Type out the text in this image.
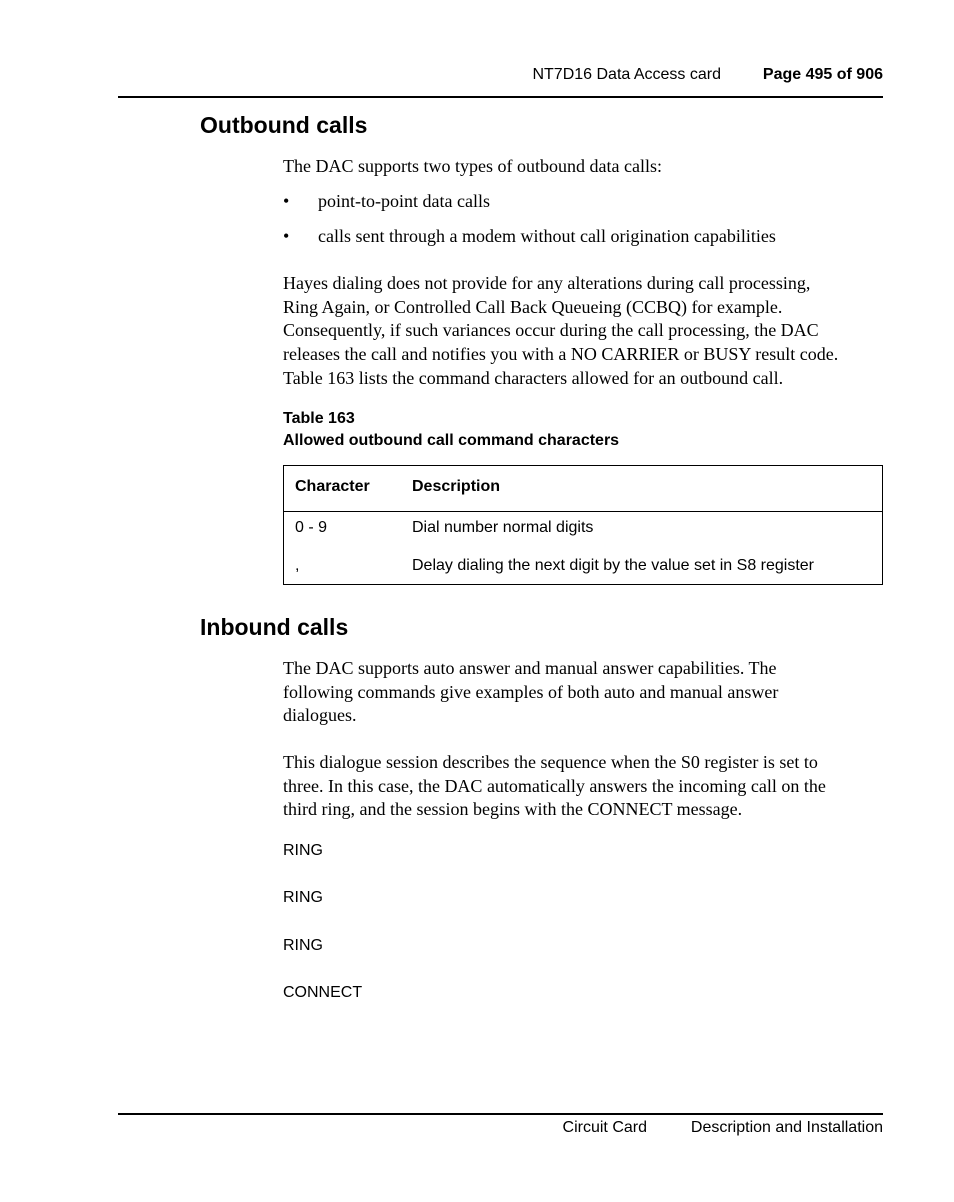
NT7D16 Data Access card	Page 495 of 906
Outbound calls

The DAC supports two types of outbound data calls:

• point-to-point data calls
• calls sent through a modem without call origination capabilities

Hayes dialing does not provide for any alterations during call processing,
Ring Again, or Controlled Call Back Queueing (CCBQ) for example.
Consequently, if such variances occur during the call processing, the DAC
releases the call and notifies you with a NO CARRIER or BUSY result code.
Table 163 lists the command characters allowed for an outbound call.

Table 163
Allowed outbound call command characters
Character	Description
0 - 9	Dial number normal digits
,	Delay dialing the next digit by the value set in S8 register
Inbound calls

The DAC supports auto answer and manual answer capabilities. The
following commands give examples of both auto and manual answer
dialogues.

This dialogue session describes the sequence when the S0 register is set to
three. In this case, the DAC automatically answers the incoming call on the
third ring, and the session begins with the CONNECT message.

RING
RING
RING
CONNECT
Circuit Card	Description and Installation
